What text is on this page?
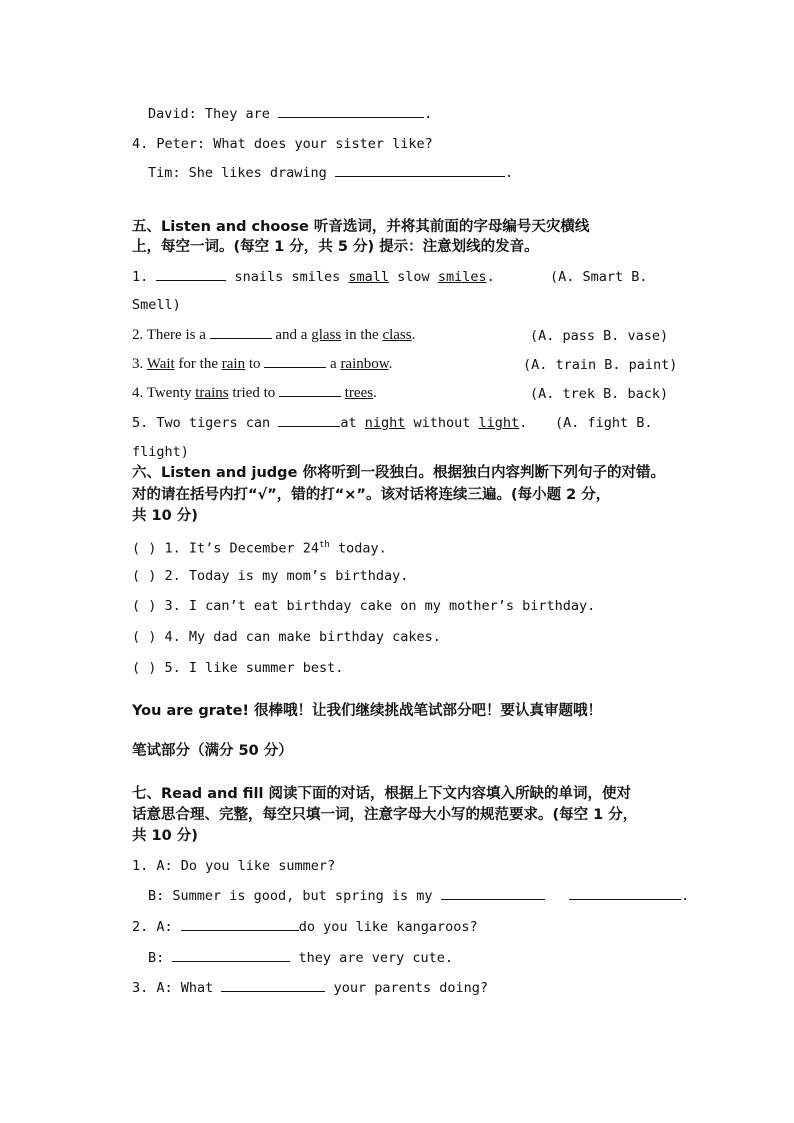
David: They are	.
4. Peter: What does your sister like?
Tim: She likes drawing	.
五、Listen and choose 听音选词，并将其前面的字母编号天灾横线
上，每空一词。(每空 1 分，共 5 分) 提示：注意划线的发音。
1.	snails smiles small slow smiles.	(A. Smart B.
Smell)
2. There is a	and a glass in the class.	(A. pass B. vase)
3. Wait for the rain to	a rainbow.	(A. train B. paint)
4. Twenty trains tried to	trees.	(A. trek B. back)
5. Two tigers can	at night without light. (A. fight B.
flight)
六、Listen and judge 你将听到一段独白。根据独白内容判断下列句子的对错。
对的请在括号内打“√”，错的打“×”。该对话将连续三遍。(每小题 2 分，
共 10 分)
( ) 1. It’s December 24th today.
( ) 2. Today is my mom’s birthday.
( ) 3. I can’t eat birthday cake on my mother’s birthday.
( ) 4. My dad can make birthday cakes.
( ) 5. I like summer best.
You are grate! 很棒哦！让我们继续挑战笔试部分吧！要认真审题哦！
笔试部分（满分 50 分）
七、Read and fill 阅读下面的对话，根据上下文内容填入所缺的单词，使对
话意思合理、完整，每空只填一词，注意字母大小写的规范要求。(每空 1 分，
共 10 分)
1. A: Do you like summer?
B: Summer is good, but spring is my	.
2. A:	do you like kangaroos?
B:	they are very cute.
3. A: What	your parents doing?
